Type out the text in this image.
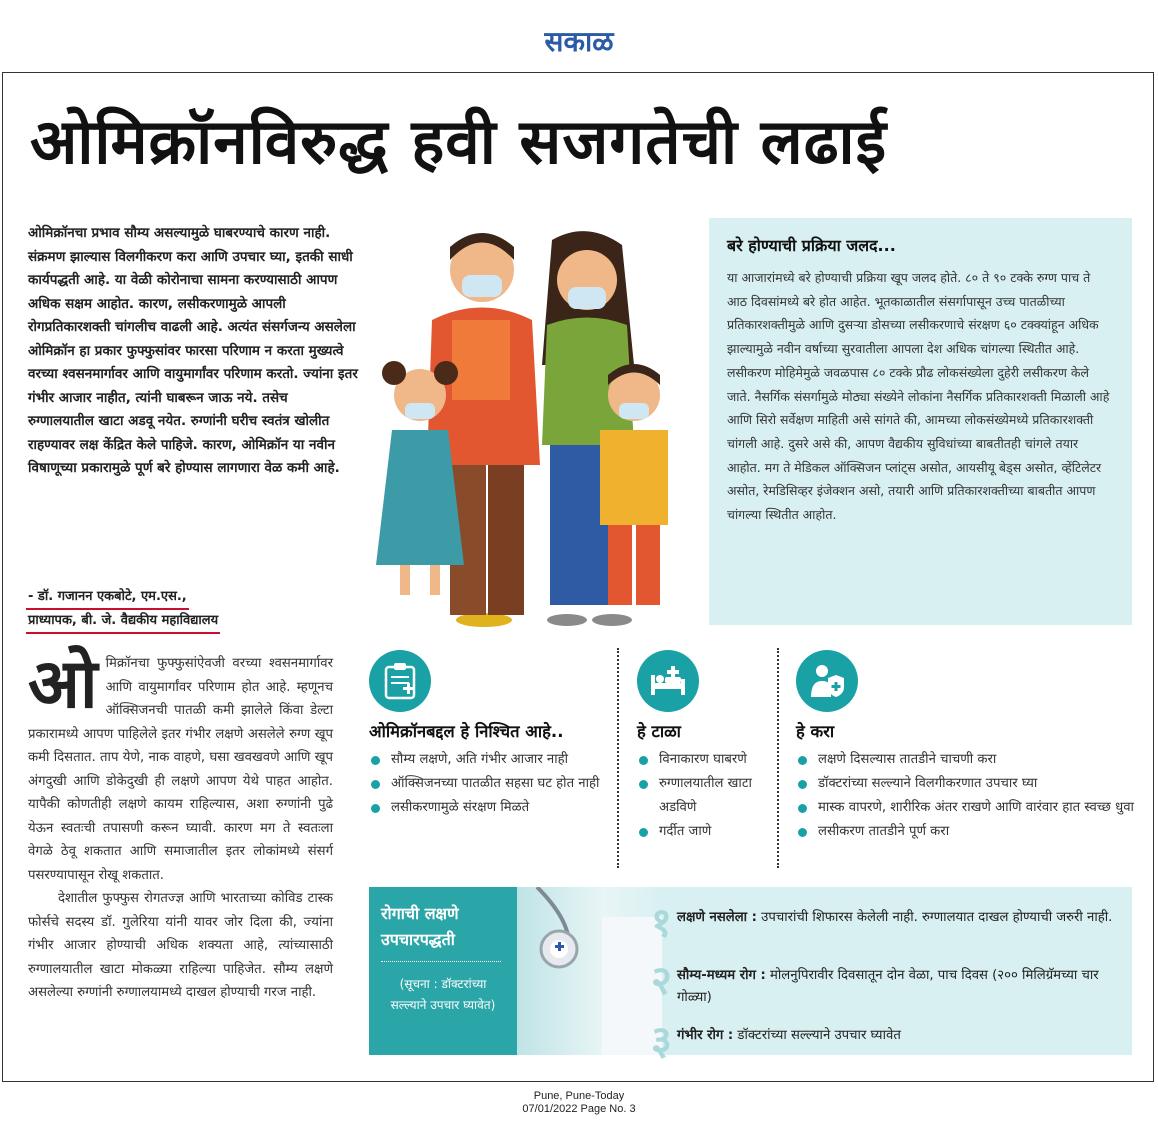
सकाळ
ओमिक्रॉनविरुद्ध हवी सजगतेची लढाई

ओमिक्रॉनचा प्रभाव सौम्य असल्यामुळे घाबरण्याचे कारण नाही. संक्रमण झाल्यास विलगीकरण करा आणि उपचार घ्या, इतकी साधी कार्यपद्धती आहे. या वेळी कोरोनाचा सामना करण्यासाठी आपण अधिक सक्षम आहोत. कारण, लसीकरणामुळे आपली रोगप्रतिकारशक्ती चांगलीच वाढली आहे. अत्यंत संसर्गजन्य असलेला ओमिक्रॉन हा प्रकार फुफ्फुसांवर फारसा परिणाम न करता मुख्यत्वे वरच्या श्वसनमार्गावर आणि वायुमार्गांवर परिणाम करतो. ज्यांना इतर गंभीर आजार नाहीत, त्यांनी घाबरून जाऊ नये. तसेच रुग्णालयातील खाटा अडवू नयेत. रुग्णांनी घरीच स्वतंत्र खोलीत राहण्यावर लक्ष केंद्रित केले पाहिजे. कारण, ओमिक्रॉन या नवीन विषाणूच्या प्रकारामुळे पूर्ण बरे होण्यास लागणारा वेळ कमी आहे.

- डॉ. गजानन एकबोटे, एम.एस.,
प्राध्यापक, बी. जे. वैद्यकीय महाविद्यालय
बरे होण्याची प्रक्रिया जलद...

या आजारांमध्ये बरे होण्याची प्रक्रिया खूप जलद होते. ८० ते ९० टक्के रुग्ण पाच ते आठ दिवसांमध्ये बरे होत आहेत. भूतकाळातील संसर्गापासून उच्च पातळीच्या प्रतिकारशक्तीमुळे आणि दुसऱ्या डोसच्या लसीकरणाचे संरक्षण ६० टक्क्यांहून अधिक झाल्यामुळे नवीन वर्षाच्या सुरवातीला आपला देश अधिक चांगल्या स्थितीत आहे. लसीकरण मोहिमेमुळे जवळपास ८० टक्के प्रौढ लोकसंख्येला दुहेरी लसीकरण केले जाते. नैसर्गिक संसर्गामुळे मोठ्या संख्येने लोकांना नैसर्गिक प्रतिकारशक्ती मिळाली आहे आणि सिरो सर्वेक्षण माहिती असे सांगते की, आमच्या लोकसंख्येमध्ये प्रतिकारशक्ती चांगली आहे. दुसरे असे की, आपण वैद्यकीय सुविधांच्या बाबतीतही चांगले तयार आहोत. मग ते मेडिकल ऑक्सिजन प्लांट्स असोत, आयसीयू बेड्स असोत, व्हेंटिलेटर असोत, रेमडिसिव्हर इंजेक्शन असो, तयारी आणि प्रतिकारशक्तीच्या बाबतीत आपण चांगल्या स्थितीत आहोत.

ओ मिक्रॉनचा फुफ्फुसांऐवजी वरच्या श्वसनमार्गावर आणि वायुमार्गांवर परिणाम होत आहे. म्हणूनच ऑक्सिजनची पातळी कमी झालेले किंवा डेल्टा प्रकारामध्ये आपण पाहिलेले इतर गंभीर लक्षणे असलेले रुग्ण खूप कमी दिसतात. ताप येणे, नाक वाहणे, घसा खवखवणे आणि खूप अंगदुखी आणि डोकेदुखी ही लक्षणे आपण येथे पाहत आहोत. यापैकी कोणतीही लक्षणे कायम राहिल्यास, अशा रुग्णांनी पुढे येऊन स्वतःची तपासणी करून घ्यावी. कारण मग ते स्वतःला वेगळे ठेवू शकतात आणि समाजातील इतर लोकांमध्ये संसर्ग पसरण्यापासून रोखू शकतात.

देशातील फुफ्फुस रोगतज्ज्ञ आणि भारताच्या कोविड टास्क फोर्सचे सदस्य डॉ. गुलेरिया यांनी यावर जोर दिला की, ज्यांना गंभीर आजार होण्याची अधिक शक्यता आहे, त्यांच्यासाठी रुग्णालयातील खाटा मोकळ्या राहिल्या पाहिजेत. सौम्य लक्षणे असलेल्या रुग्णांनी रुग्णालयामध्ये दाखल होण्याची गरज नाही.

ओमिक्रॉनबद्दल हे निश्चित आहे..
सौम्य लक्षणे, अति गंभीर आजार नाही
ऑक्सिजनच्या पातळीत सहसा घट होत नाही
लसीकरणामुळे संरक्षण मिळते
हे टाळा
विनाकारण घाबरणे
रुग्णालयातील खाटा अडविणे
गर्दीत जाणे
हे करा
लक्षणे दिसल्यास तातडीने चाचणी करा
डॉक्टरांच्या सल्ल्याने विलगीकरणात उपचार घ्या
मास्क वापरणे, शारीरिक अंतर राखणे आणि वारंवार हात स्वच्छ धुवा
लसीकरण तातडीने पूर्ण करा
रोगाची लक्षणे उपचारपद्धती
(सूचना : डॉक्टरांच्या सल्ल्याने उपचार घ्यावेत)
१ लक्षणे नसलेला : उपचारांची शिफारस केलेली नाही. रुग्णालयात दाखल होण्याची जरुरी नाही.
२ सौम्य-मध्यम रोग : मोलनुपिरावीर दिवसातून दोन वेळा, पाच दिवस (२०० मिलिग्रॅमच्या चार गोळ्या)
३ गंभीर रोग : डॉक्टरांच्या सल्ल्याने उपचार घ्यावेत
Pune, Pune-Today
07/01/2022 Page No. 3
